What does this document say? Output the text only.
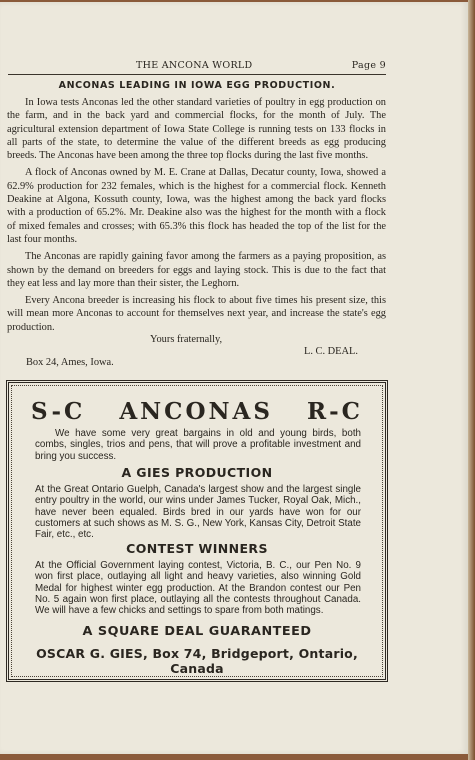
THE ANCONA WORLD	Page 9
ANCONAS LEADING IN IOWA EGG PRODUCTION.

In Iowa tests Anconas led the other standard varieties of poultry in egg production on the farm, and in the back yard and commercial flocks, for the month of July. The agricultural extension department of Iowa State College is running tests on 133 flocks in all parts of the state, to determine the value of the different breeds as egg producing breeds. The Anconas have been among the three top flocks during the last five months.

A flock of Anconas owned by M. E. Crane at Dallas, Decatur county, Iowa, showed a 62.9% production for 232 females, which is the highest for a commercial flock. Kenneth Deakine at Algona, Kossuth county, Iowa, was the highest among the back yard flocks with a production of 65.2%. Mr. Deakine also was the highest for the month with a flock of mixed females and crosses; with 65.3% this flock has headed the top of the list for the last four months.

The Anconas are rapidly gaining favor among the farmers as a paying proposition, as shown by the demand on breeders for eggs and laying stock. This is due to the fact that they eat less and lay more than their sister, the Leghorn.

Every Ancona breeder is increasing his flock to about five times his present size, this will mean more Anconas to account for themselves next year, and increase the state's egg production.

Yours fraternally,
L. C. DEAL.
Box 24, Ames, Iowa.
S-C ANCONAS R-C
We have some very great bargains in old and young birds, both combs, singles, trios and pens, that will prove a profitable investment and bring you success.
A GIES PRODUCTION
At the Great Ontario Guelph, Canada's largest show and the largest single entry poultry in the world, our wins under James Tucker, Royal Oak, Mich., have never been equaled. Birds bred in our yards have won for our customers at such shows as M. S. G., New York, Kansas City, Detroit State Fair, etc., etc.
CONTEST WINNERS
At the Official Government laying contest, Victoria, B. C., our Pen No. 9 won first place, outlaying all light and heavy varieties, also winning Gold Medal for highest winter egg production. At the Brandon contest our Pen No. 5 again won first place, outlaying all the contests throughout Canada. We will have a few chicks and settings to spare from both matings.
A SQUARE DEAL GUARANTEED
OSCAR G. GIES, Box 74, Bridgeport, Ontario, Canada
